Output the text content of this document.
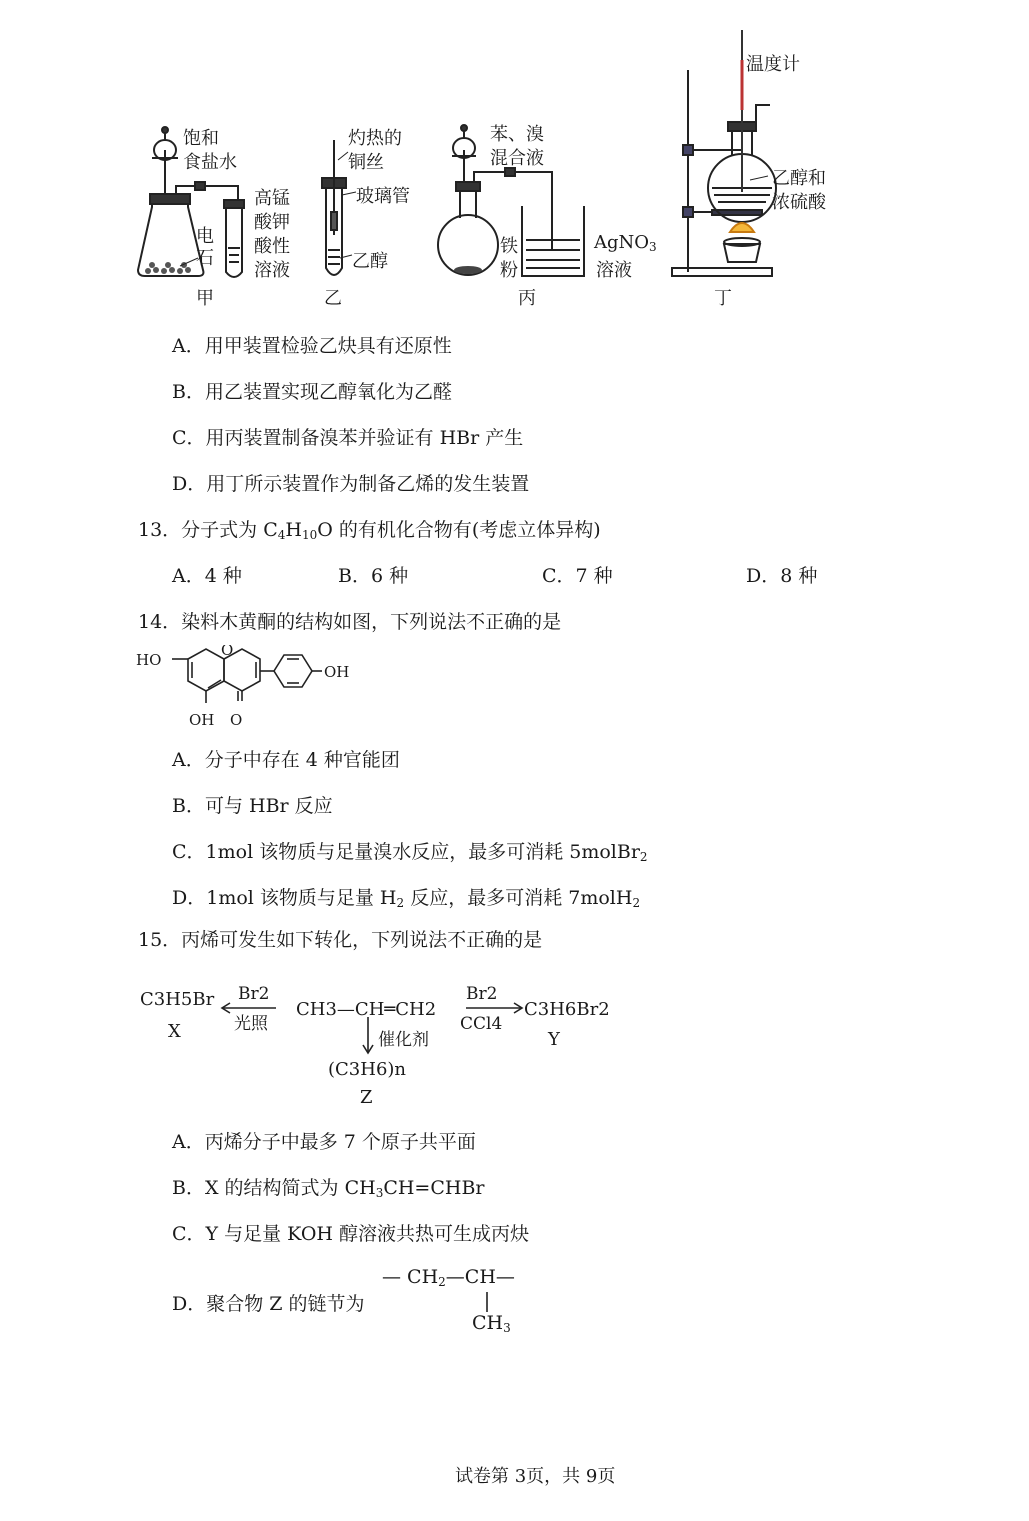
饱和
食盐水
电
石
高锰
酸钾
酸性
溶液
甲
灼热的
铜丝
玻璃管
乙醇
乙
苯、溴
混合液
铁
粉
AgNO$_3$
溶液
丙
温度计
乙醇和
浓硫酸
丁
A．用甲装置检验乙炔具有还原性
B．用乙装置实现乙醇氧化为乙醛
C．用丙装置制备溴苯并验证有 HBr 产生
D．用丁所示装置作为制备乙烯的发生装置
13．分子式为 $C_4H_{10}O$ 的有机化合物有(考虑立体异构)
A．4 种	B．6 种	C．7 种	D．8 种
14．染料木黄酮的结构如图，下列说法不正确的是
HO
O
OH O
OH
A．分子中存在 4 种官能团
B．可与 HBr 反应
C．1mol 该物质与足量溴水反应，最多可消耗 5molBr$_2$
D．1mol 该物质与足量 $H_2$ 反应，最多可消耗 7molH$_2$
15．丙烯可发生如下转化，下列说法不正确的是
C3H5Br
X
Br2
光照
CH3—CH═CH2
Br2
CCl4
C3H6Br2
Y
催化剂
(C3H6)n
Z
A．丙烯分子中最多 7 个原子共平面
B．X 的结构简式为 $CH_3CH=CHBr$
C．Y 与足量 KOH 醇溶液共热可生成丙炔
D．聚合物 Z 的链节为
— $CH_2—CH—$
$CH_3$
试卷第 3页，共 9页
